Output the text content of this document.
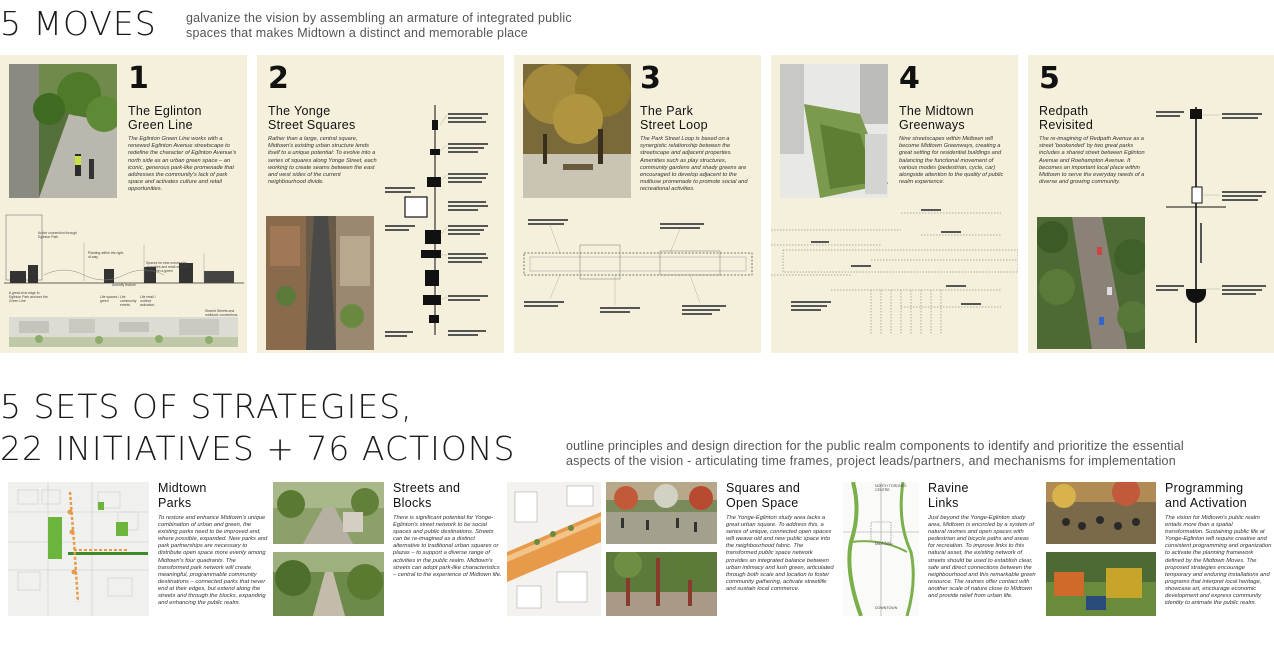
5 MOVES galvanize the vision by assembling an armature of integrated public
spaces that makes Midtown a distinct and memorable place
1
The Eglinton
Green Line
The Eglinton Green Line works with a renewed Eglinton Avenue streetscape to redefine the character of Eglinton Avenue's north side as an urban green space – an iconic, generous park-like promenade that addresses the community's lack of park space and activates culture and retail opportunities.
Active connection through Eglinton Park
Planting within the right-of-way
Spaces for new community amenities and retail venues are within a green
Shared Streets and midblock connections
A great civic edge to Eglinton Park anchors the Green Line
Amenity feature
Life spaces / green
Life community events
Life retail / outdoor activation
2
The Yonge
Street Squares
Rather than a large, central square, Midtown's existing urban structure lends itself to a unique potential: To evolve into a series of squares along Yonge Street, each working to create seams between the east and west sides of the current neighbourhood divide.
3
The Park
Street Loop
The Park Street Loop is based on a synergistic relationship between the streetscape and adjacent properties. Amenities such as play structures, community gardens and shady greens are encouraged to develop adjacent to the multiuse promenade to promote social and recreational activities.
4
The Midtown
Greenways
Nine streetscapes within Midtown will become Midtown Greenways, creating a great setting for residential buildings and balancing the functional movement of various modes (pedestrian, cycle, car) alongside attention to the quality of public realm experience.
5
Redpath
Revisited
The re-imagining of Redpath Avenue as a street 'bookended' by two great parks includes a shared street between Eglinton Avenue and Roehampton Avenue. It becomes an important local place within Midtown to serve the everyday needs of a diverse and growing community.
5 SETS OF STRATEGIES,
22 INITIATIVES + 76 ACTIONS	outline principles and design direction for the public realm components to identify and prioritize the essential
aspects of the vision - articulating time frames, project leads/partners, and mechanisms for implementation
Midtown
Parks
To restore and enhance Midtown's unique combination of urban and green, the existing parks need to be improved and, where possible, expanded. New parks and park partnerships are necessary to distribute open space more evenly among Midtown's four quadrants. The transformed park network will create meaningful, programmable community destinations – connected parks that never end at their edges, but extend along the streets and through the blocks, expanding and enhancing the public realm.
Streets and
Blocks
There is significant potential for Yonge-Eglinton's street network to be social spaces and public destinations. Streets can be re-imagined as a distinct alternative to traditional urban squares or plazas – to support a diverse range of activities in the public realm. Midtown's streets can adopt park-like characteristics – central to the experience of Midtown life.
Squares and
Open Space
The Yonge-Eglinton study area lacks a great urban square. To address this, a series of unique, connected open spaces will weave old and new public space into the neighbourhood fabric. The transformed public space network provides an integrated balance between urban intimacy and lush green, articulated through both scale and location to foster community gathering, activate streetlife and sustain local commerce.
NORTH TORONTO CENTRE
MIDTOWN
DOWNTOWN
Ravine
Links
Just beyond the Yonge-Eglinton study area, Midtown is encircled by a system of natural ravines and open spaces with pedestrian and bicycle paths and areas for recreation. To improve links to this natural asset, the existing network of streets should be used to establish clear, safe and direct connections between the neighbourhood and this remarkable green resource. The ravines offer contact with another scale of nature close to Midtown and provide relief from urban life.
Programming
and Activation
The vision for Midtown's public realm entails more than a spatial transformation. Sustaining public life at Yonge-Eglinton will require creative and consistent programming and organization to activate the planning framework defined by the Midtown Moves. The proposed strategies encourage temporary and enduring installations and programs that interpret local heritage, showcase art, encourage economic development and express community identity to animate the public realm.
